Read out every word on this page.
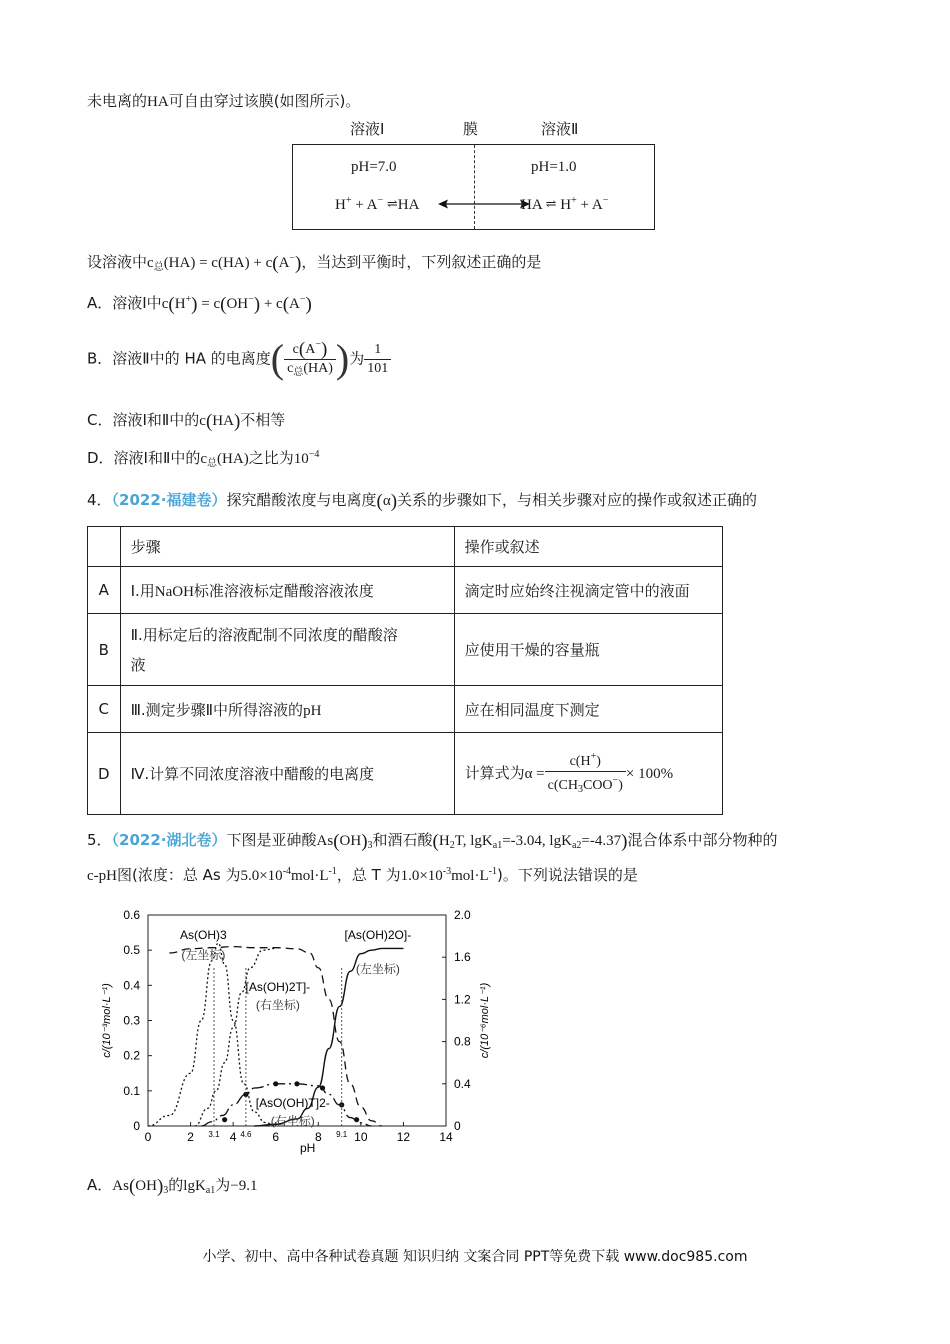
未电离的HA可自由穿过该膜(如图所示)。
溶液Ⅰ	膜	溶液Ⅱ
pH=7.0	pH=1.0
H+ + A− ⇌HA	HA ⇌ H+ + A−
设溶液中$c_总(HA) = c(HA) + c(A^-)$，当达到平衡时，下列叙述正确的是
A．溶液Ⅰ中c(H+) = c(OH−) + c(A−)
B．溶液Ⅱ中的 HA 的电离度( c(A−)
$c_总(HA)$ )为 $\frac{1}{101}$
C．溶液Ⅰ和Ⅱ中的c(HA)不相等
D．溶液Ⅰ和Ⅱ中的$c_总(HA)$之比为$10^{-4}$
4．（2022·福建卷）探究醋酸浓度与电离度(α)关系的步骤如下，与相关步骤对应的操作或叙述正确的
	步骤	操作或叙述
A	Ⅰ.用NaOH标准溶液标定醋酸溶液浓度	滴定时应始终注视滴定管中的液面
B	Ⅱ.用标定后的溶液配制不同浓度的醋酸溶
液	应使用干燥的容量瓶
C	Ⅲ.测定步骤Ⅱ中所得溶液的pH	应在相同温度下测定
D	Ⅳ.计算不同浓度溶液中醋酸的电离度	计算式为α =
c(H+)
$c(CH_3COO^-)$
× 100%
5．（2022·湖北卷）下图是亚砷酸$As(OH)_3$和酒石酸($H_2T$, lgK$_{a1}$=-3.04, lgK$_{a2}$=-4.37)混合体系中部分物种的
c-pH图(浓度：总 As 为$5.0\times 10^{-4}mol\cdot L^{-1}$，总 T 为$1.0\times 10^{-3}mol\cdot L^{-1}$)。下列说法错误的是
0	2	4	6	8	10 12 14
3.1	4.6	9.1
pH
0
0.1
0.2
0.3
0.4
0.5
0.6
0
0.4
0.8
1.2
1.6
2.0
c/(10⁻³mol·L⁻¹)	c/(10⁻⁶mol·L⁻¹)
As(OH)3
(左坐标)
[As(OH)2T]-
(右坐标)
[As(OH)2O]-
(左坐标)
[AsO(OH)T]2-
(右坐标)
A．$As(OH)_3$的lgK$_{a1}$为−9.1
小学、初中、高中各种试卷真题 知识归纳 文案合同 PPT等免费下载 www.doc985.com
